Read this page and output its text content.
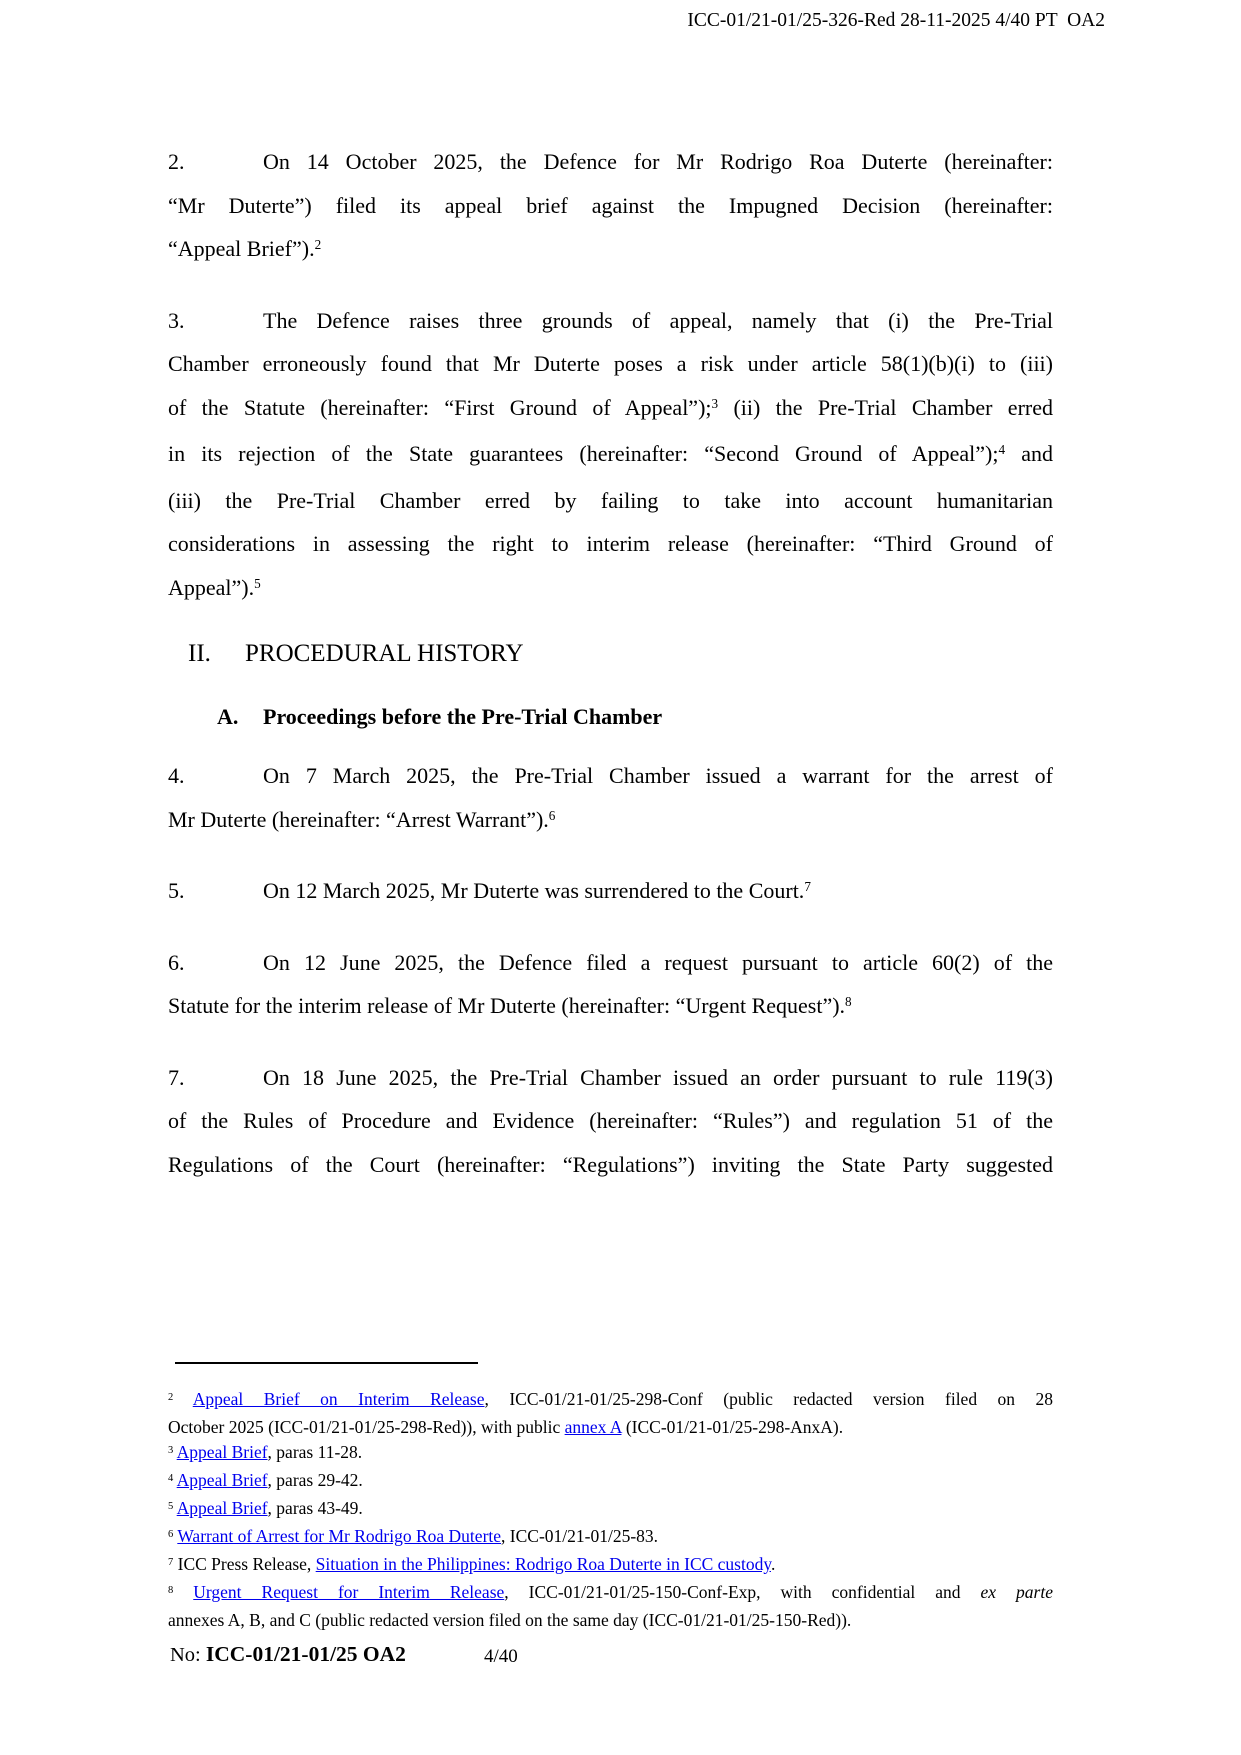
ICC-01/21-01/25-326-Red 28-11-2025 4/40 PT  OA2
2.	On 14 October 2025, the Defence for Mr Rodrigo Roa Duterte (hereinafter:
“Mr Duterte”) filed its appeal brief against the Impugned Decision (hereinafter:
“Appeal Brief”).$^2$
3.	The Defence raises three grounds of appeal, namely that (i) the Pre-Trial
Chamber erroneously found that Mr Duterte poses a risk under article 58(1)(b)(i) to (iii)
of the Statute (hereinafter: “First Ground of Appeal”);$^3$ (ii) the Pre-Trial Chamber erred
in its rejection of the State guarantees (hereinafter: “Second Ground of Appeal”);$^4$ and
(iii) the Pre-Trial Chamber erred by failing to take into account humanitarian
considerations in assessing the right to interim release (hereinafter: “Third Ground of
Appeal”).$^5$
II. PROCEDURAL HISTORY
A. Proceedings before the Pre-Trial Chamber
4.	On 7 March 2025, the Pre-Trial Chamber issued a warrant for the arrest of
Mr Duterte (hereinafter: “Arrest Warrant”).$^6$
5.	On 12 March 2025, Mr Duterte was surrendered to the Court.$^7$
6.	On 12 June 2025, the Defence filed a request pursuant to article 60(2) of the
Statute for the interim release of Mr Duterte (hereinafter: “Urgent Request”).$^8$
7.	On 18 June 2025, the Pre-Trial Chamber issued an order pursuant to rule 119(3)
of the Rules of Procedure and Evidence (hereinafter: “Rules”) and regulation 51 of the
Regulations of the Court (hereinafter: “Regulations”) inviting the State Party suggested
$^2$ Appeal Brief on Interim Release, ICC-01/21-01/25-298-Conf (public redacted version filed on 28
October 2025 (ICC-01/21-01/25-298-Red)), with public annex A (ICC-01/21-01/25-298-AnxA).
$^3$ Appeal Brief, paras 11-28.
$^4$ Appeal Brief, paras 29-42.
$^5$ Appeal Brief, paras 43-49.
$^6$ Warrant of Arrest for Mr Rodrigo Roa Duterte, ICC-01/21-01/25-83.
$^7$ ICC Press Release, Situation in the Philippines: Rodrigo Roa Duterte in ICC custody.
$^8$ Urgent Request for Interim Release, ICC-01/21-01/25-150-Conf-Exp, with confidential and ex parte
annexes A, B, and C (public redacted version filed on the same day (ICC-01/21-01/25-150-Red)).
No: ICC-01/21-01/25 OA2	4/40
